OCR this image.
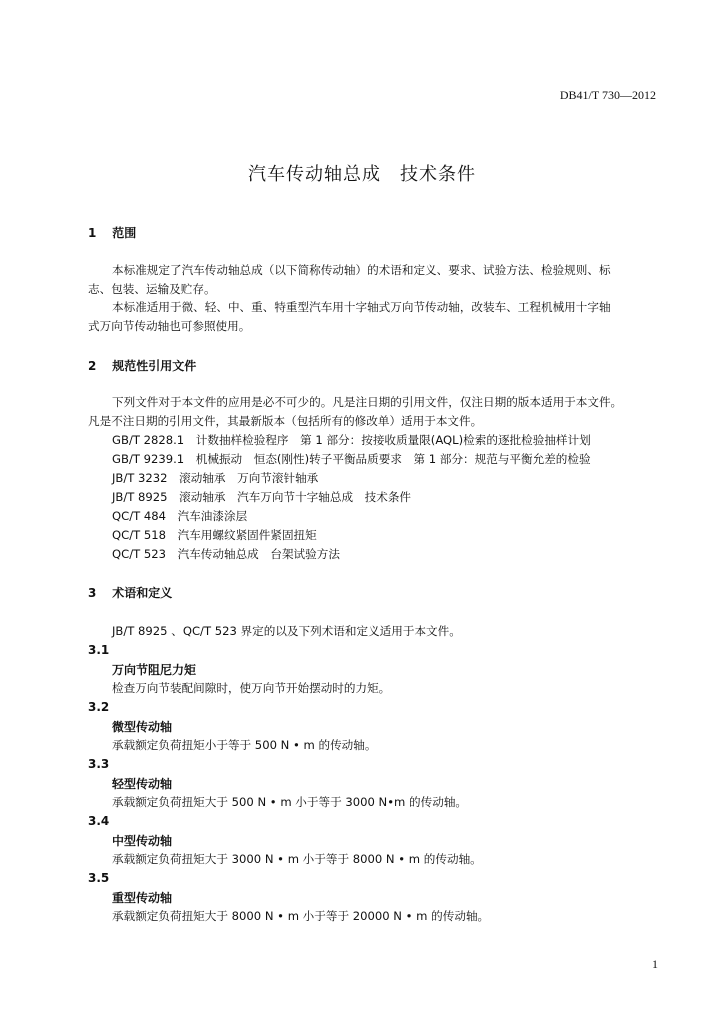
DB41/T 730—2012
汽车传动轴总成　技术条件
1 范围
本标准规定了汽车传动轴总成（以下简称传动轴）的术语和定义、要求、试验方法、检验规则、标
志、包装、运输及贮存。
本标准适用于微、轻、中、重、特重型汽车用十字轴式万向节传动轴，改装车、工程机械用十字轴
式万向节传动轴也可参照使用。
2 规范性引用文件
下列文件对于本文件的应用是必不可少的。凡是注日期的引用文件，仅注日期的版本适用于本文件。
凡是不注日期的引用文件，其最新版本（包括所有的修改单）适用于本文件。
GB/T 2828.1　计数抽样检验程序　第 1 部分：按接收质量限(AQL)检索的逐批检验抽样计划
GB/T 9239.1　机械振动　恒态(刚性)转子平衡品质要求　第 1 部分：规范与平衡允差的检验
JB/T 3232　滚动轴承　万向节滚针轴承
JB/T 8925　滚动轴承　汽车万向节十字轴总成　技术条件
QC/T 484　汽车油漆涂层
QC/T 518　汽车用螺纹紧固件紧固扭矩
QC/T 523　汽车传动轴总成　台架试验方法
3 术语和定义
JB/T 8925 、QC/T 523 界定的以及下列术语和定义适用于本文件。
3.1
万向节阻尼力矩
检查万向节装配间隙时，使万向节开始摆动时的力矩。
3.2
微型传动轴
承载额定负荷扭矩小于等于 500 N • m 的传动轴。
3.3
轻型传动轴
承载额定负荷扭矩大于 500 N • m 小于等于 3000 N•m 的传动轴。
3.4
中型传动轴
承载额定负荷扭矩大于 3000 N • m 小于等于 8000 N • m 的传动轴。
3.5
重型传动轴
承载额定负荷扭矩大于 8000 N • m 小于等于 20000 N • m 的传动轴。
1
